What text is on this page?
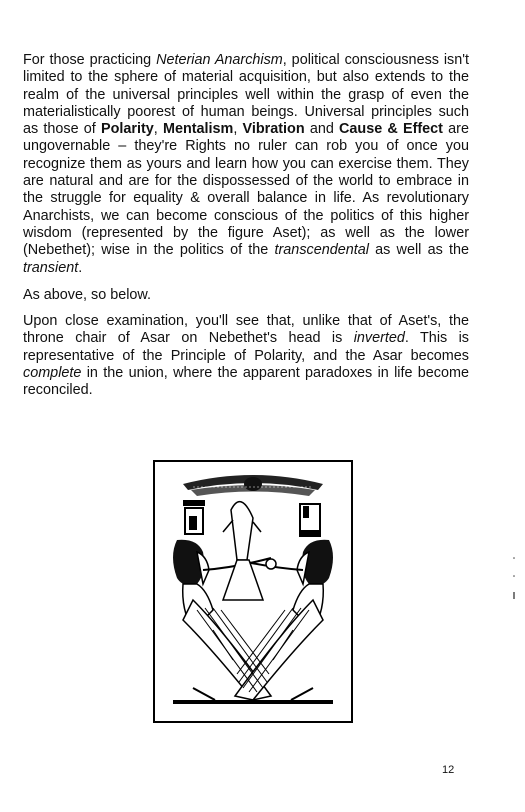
For those practicing Neterian Anarchism, political consciousness isn't limited to the sphere of material acquisition, but also extends to the realm of the universal principles well within the grasp of even the materialistically poorest of human beings. Universal principles such as those of Polarity, Mentalism, Vibration and Cause & Effect are ungovernable – they're Rights no ruler can rob you of once you recognize them as yours and learn how you can exercise them. They are natural and are for the dispossessed of the world to embrace in the struggle for equality & overall balance in life. As revolutionary Anarchists, we can become conscious of the politics of this higher wisdom (represented by the figure Aset); as well as the lower (Nebethet); wise in the politics of the transcendental as well as the transient.

As above, so below.

Upon close examination, you'll see that, unlike that of Aset's, the throne chair of Asar on Nebethet's head is inverted. This is representative of the Principle of Polarity, and the Asar becomes complete in the union, where the apparent paradoxes in life become reconciled.

12
